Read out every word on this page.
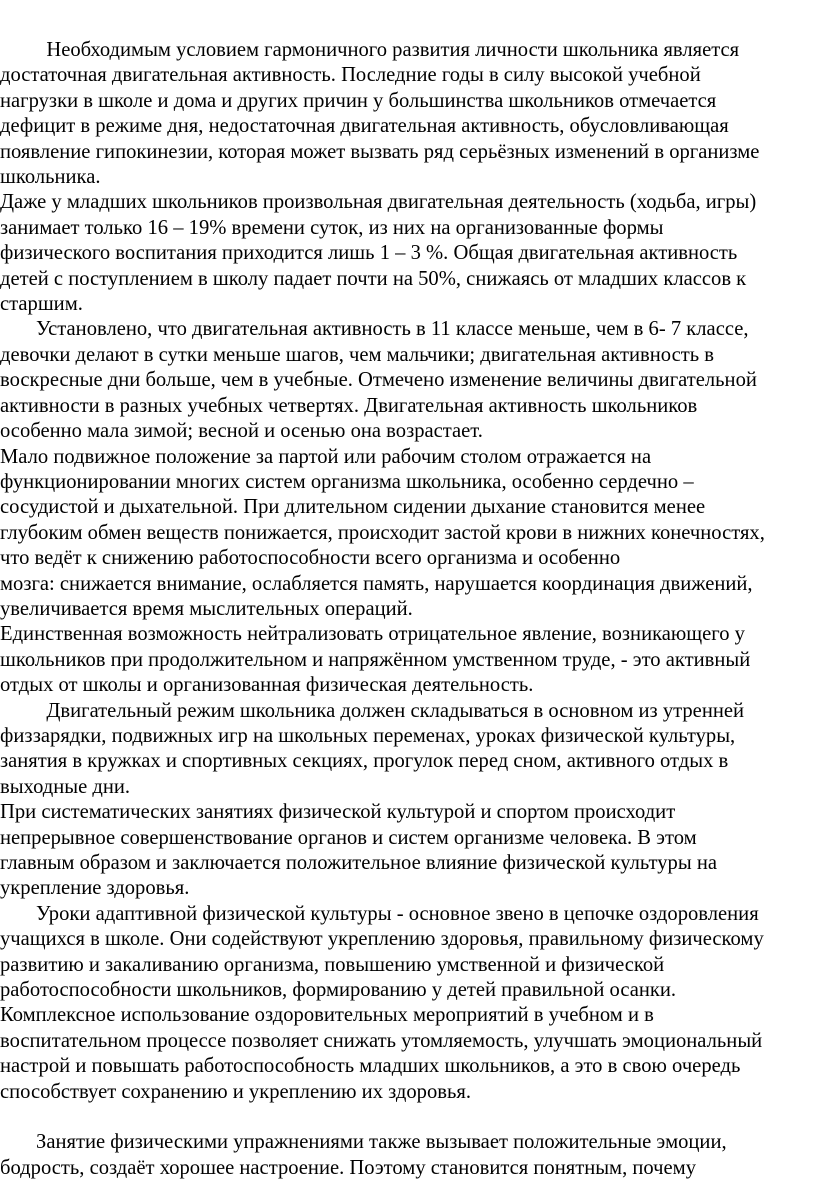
Необходимым условием гармоничного развития личности школьника является
достаточная двигательная активность. Последние годы в силу высокой учебной
нагрузки в школе и дома и других причин у большинства школьников отмечается
дефицит в режиме дня, недостаточная двигательная активность, обусловливающая
появление гипокинезии, которая может вызвать ряд серьёзных изменений в организме
школьника.
Даже у младших школьников произвольная двигательная деятельность (ходьба, игры)
занимает только 16 – 19% времени суток, из них на организованные формы
физического воспитания приходится лишь 1 – 3 %. Общая двигательная активность
детей с поступлением в школу падает почти на 50%, снижаясь от младших классов к
старшим.
Установлено, что двигательная активность в 11 классе меньше, чем в 6- 7 классе,
девочки делают в сутки меньше шагов, чем мальчики; двигательная активность в
воскресные дни больше, чем в учебные. Отмечено изменение величины двигательной
активности в разных учебных четвертях. Двигательная активность школьников
особенно мала зимой; весной и осенью она возрастает.
Мало подвижное положение за партой или рабочим столом отражается на
функционировании многих систем организма школьника, особенно сердечно –
сосудистой и дыхательной. При длительном сидении дыхание становится менее
глубоким обмен веществ понижается, происходит застой крови в нижних конечностях,
что ведёт к снижению работоспособности всего организма и особенно
мозга: снижается внимание, ослабляется память, нарушается координация движений,
увеличивается время мыслительных операций.
Единственная возможность нейтрализовать отрицательное явление, возникающего у
школьников при продолжительном и напряжённом умственном труде, - это активный
отдых от школы и организованная физическая деятельность.
Двигательный режим школьника должен складываться в основном из утренней
физзарядки, подвижных игр на школьных переменах, уроках физической культуры,
занятия в кружках и спортивных секциях, прогулок перед сном, активного отдых в
выходные дни.
При систематических занятиях физической культурой и спортом происходит
непрерывное совершенствование органов и систем организме человека. В этом
главным образом и заключается положительное влияние физической культуры на
укрепление здоровья.
Уроки адаптивной физической культуры - основное звено в цепочке оздоровления
учащихся в школе. Они содействуют укреплению здоровья, правильному физическому
развитию и закаливанию организма, повышению умственной и физической
работоспособности школьников, формированию у детей правильной осанки.
Комплексное использование оздоровительных мероприятий в учебном и в
воспитательном процессе позволяет снижать утомляемость, улучшать эмоциональный
настрой и повышать работоспособность младших школьников, а это в свою очередь
способствует сохранению и укреплению их здоровья.
Занятие физическими упражнениями также вызывает положительные эмоции,
бодрость, создаёт хорошее настроение. Поэтому становится понятным, почему
